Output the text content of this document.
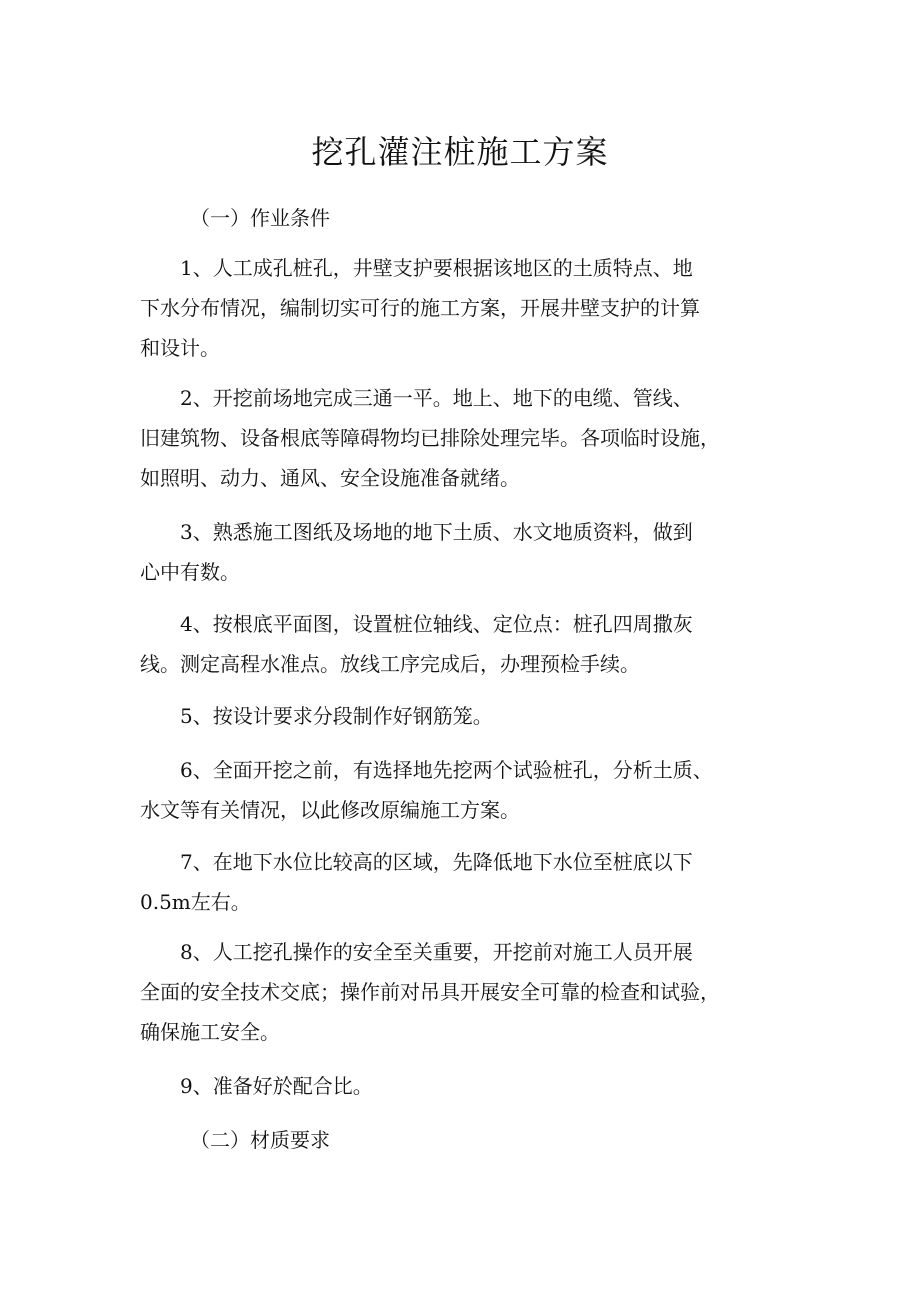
挖孔灌注桩施工方案
（一）作业条件
　　1、人工成孔桩孔，井壁支护要根据该地区的土质特点、地
下水分布情况，编制切实可行的施工方案，开展井壁支护的计算
和设计。
　　2、开挖前场地完成三通一平。地上、地下的电缆、管线、
旧建筑物、设备根底等障碍物均已排除处理完毕。各项临时设施，
如照明、动力、通风、安全设施准备就绪。
　　3、熟悉施工图纸及场地的地下土质、水文地质资料，做到
心中有数。
　　4、按根底平面图，设置桩位轴线、定位点：桩孔四周撒灰
线。测定高程水准点。放线工序完成后，办理预检手续。
　　5、按设计要求分段制作好钢筋笼。
　　6、全面开挖之前，有选择地先挖两个试验桩孔，分析土质、
水文等有关情况，以此修改原编施工方案。
　　7、在地下水位比较高的区域，先降低地下水位至桩底以下
0.5m左右。
　　8、人工挖孔操作的安全至关重要，开挖前对施工人员开展
全面的安全技术交底；操作前对吊具开展安全可靠的检查和试验，
确保施工安全。
　　9、准备好於配合比。
（二）材质要求
